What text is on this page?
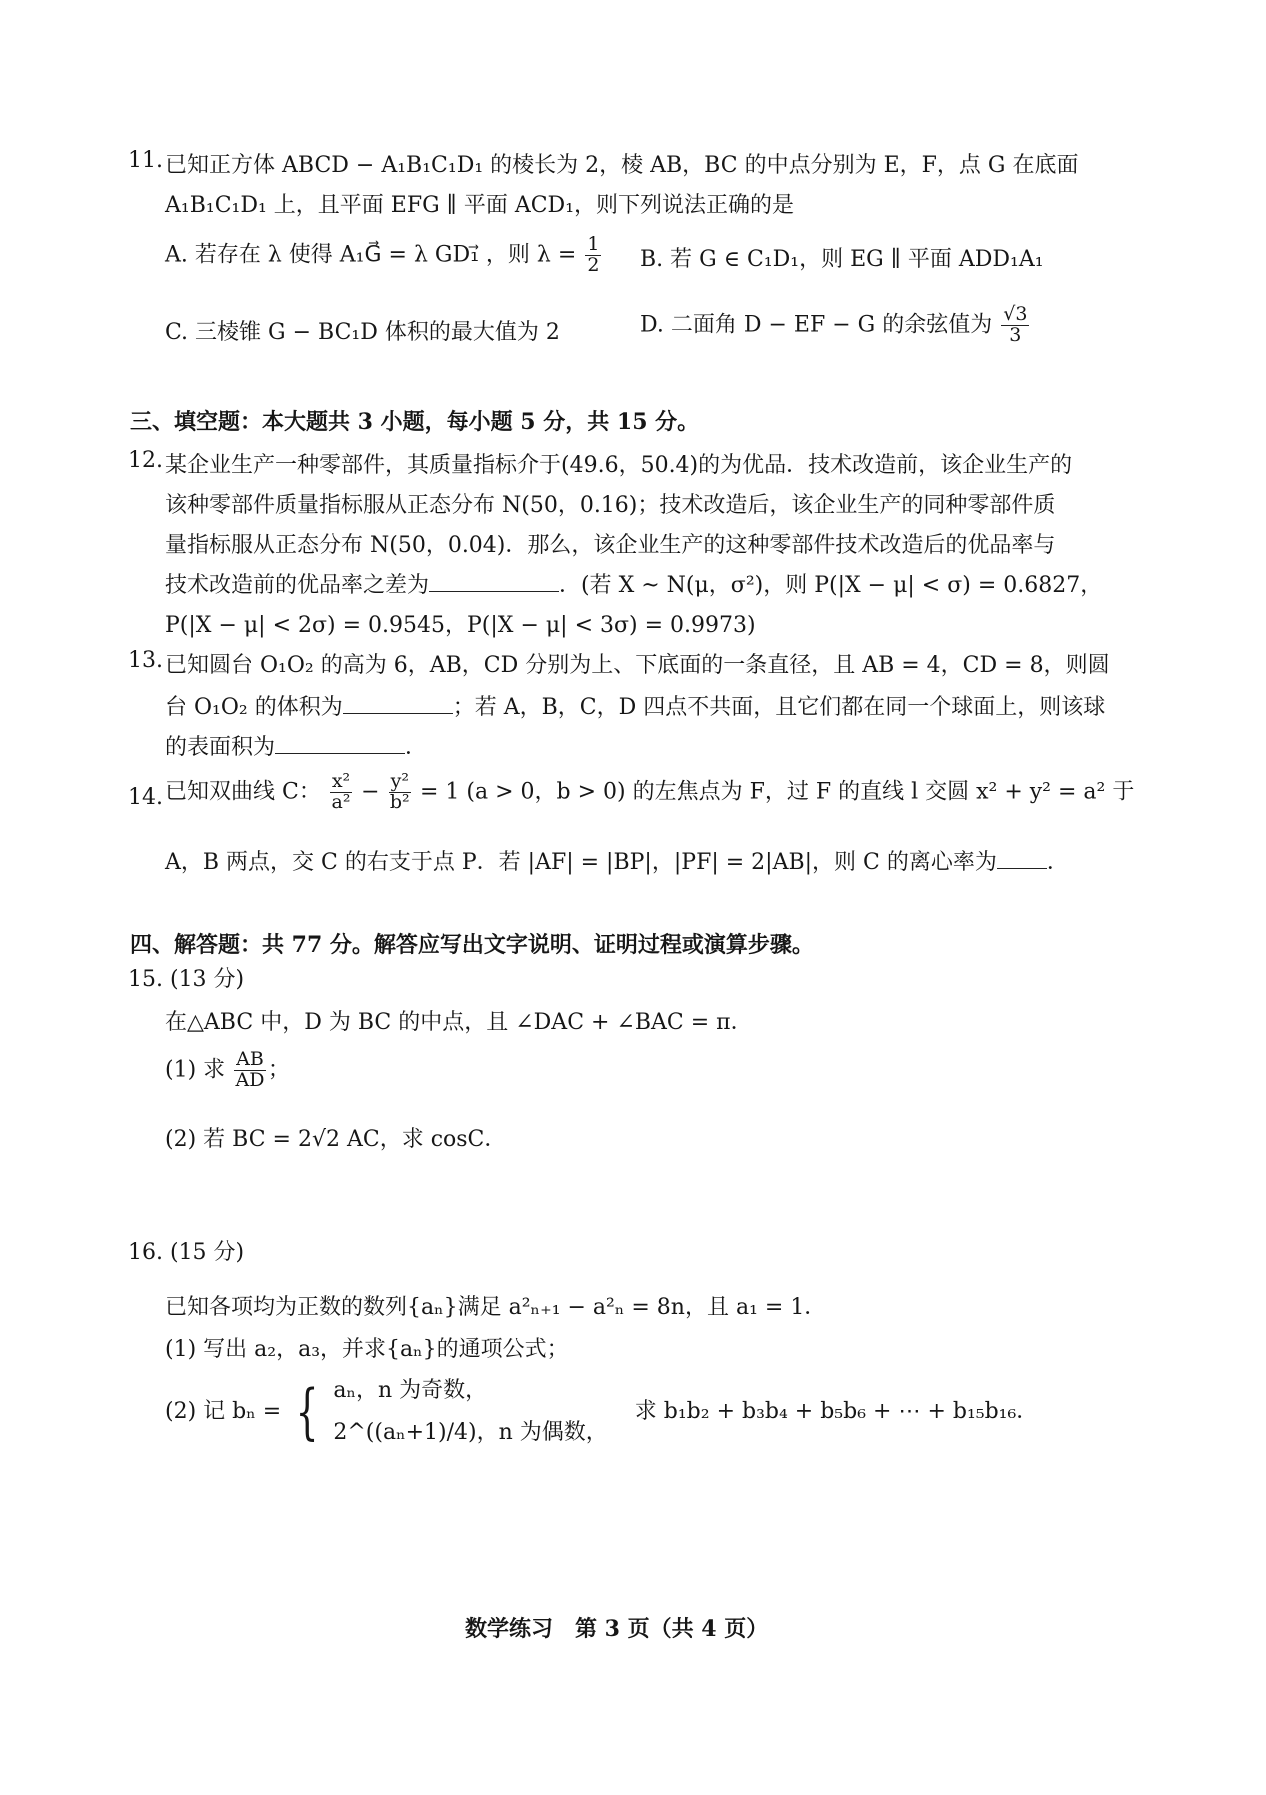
11. 已知正方体 ABCD − A₁B₁C₁D₁ 的棱长为 2，棱 AB，BC 的中点分别为 E，F，点 G 在底面
A₁B₁C₁D₁ 上，且平面 EFG ∥ 平面 ACD₁，则下列说法正确的是
A. 若存在 λ 使得 A₁G⃗ = λ GD₁⃗ ，则 $\lambda = \frac{1}{2} B$. 若 G ∈ C₁D₁，则 EG ∥ 平面 ADD₁A₁
C. 三棱锥 G − BC₁D 体积的最大值为 2	D. 二面角 D − EF − G 的余弦值为 $\frac{√3}{3}$
三、填空题：本大题共 3 小题，每小题 5 分，共 15 分。
12. 某企业生产一种零部件，其质量指标介于(49.6，50.4)的为优品．技术改造前，该企业生产的
该种零部件质量指标服从正态分布 N(50，0.16)；技术改造后，该企业生产的同种零部件质
量指标服从正态分布 N(50，0.04)．那么，该企业生产的这种零部件技术改造后的优品率与
技术改造前的优品率之差为	．(若 X ~ N(μ，σ²)，则 P(|X − μ| < σ) = 0.6827，
P(|X − μ| < 2σ) = 0.9545，P(|X − μ| < 3σ) = 0.9973)
13. 已知圆台 O₁O₂ 的高为 6，AB，CD 分别为上、下底面的一条直径，且 AB = 4，CD = 8，则圆
台 O₁O₂ 的体积为	；若 A，B，C，D 四点不共面，且它们都在同一个球面上，则该球
的表面积为	．
14. 已知双曲线 C： $\frac{\text{x²}}{\text{a²}} - \frac{\text{y²}}{\text{b²}} = 1$ (a > 0，b > 0) 的左焦点为 F，过 F 的直线 l 交圆 x² + y² = a² 于
A，B 两点，交 C 的右支于点 P．若 |AF| = |BP|，|PF| = 2|AB|，则 C 的离心率为 ．
四、解答题：共 77 分。解答应写出文字说明、证明过程或演算步骤。
15. (13 分)
在△ABC 中，D 为 BC 的中点，且 ∠DAC + ∠BAC = π．
(1) 求 $\frac{AB}{AD}$ ；
(2) 若 BC = 2√2 AC，求 cosC．
16. (15 分)
已知各项均为正数的数列{aₙ}满足 a²ₙ₊₁ − a²ₙ = 8n，且 a₁ = 1．
(1) 写出 a₂，a₃，并求{aₙ}的通项公式；
(2) 记 bₙ = { aₙ，n 为奇数，
2^((aₙ+1)/4)，n 为偶数，
求 b₁b₂ + b₃b₄ + b₅b₆ + ⋯ + b₁₅b₁₆．
数学练习　第 3 页（共 4 页）
